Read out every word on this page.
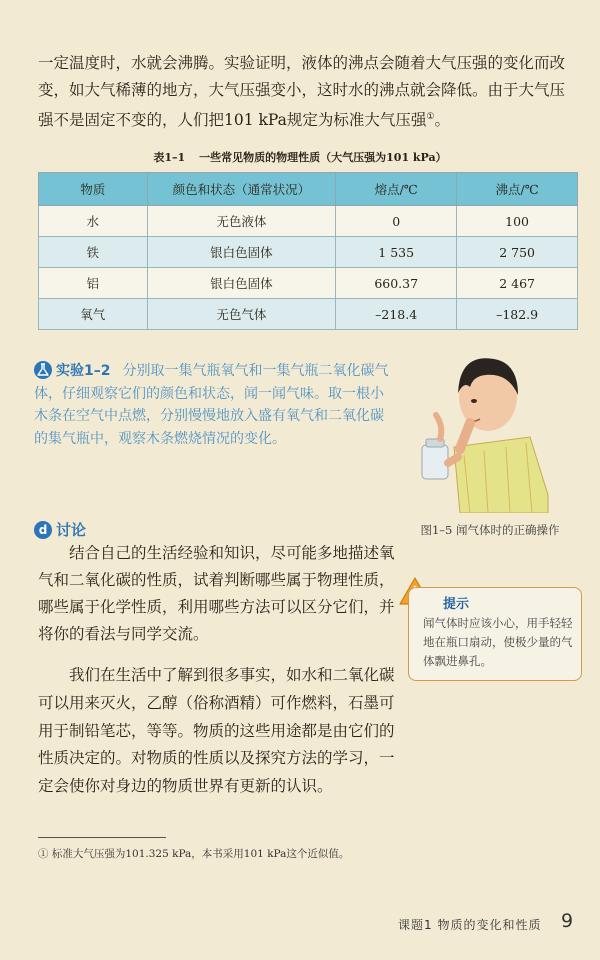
一定温度时，水就会沸腾。实验证明，液体的沸点会随着大气压强的变化而改变，如大气稀薄的地方，大气压强变小，这时水的沸点就会降低。由于大气压强不是固定不变的，人们把101 kPa规定为标准大气压强①。

表1–1 一些常见物质的物理性质（大气压强为101 kPa）
物质	颜色和状态（通常状况）	熔点/℃	沸点/℃
水	无色液体	0	100
铁	银白色固体	1 535	2 750
铝	银白色固体	660.37	2 467
氧气	无色气体	–218.4	–182.9

实验1–2 分别取一集气瓶氧气和一集气瓶二氧化碳气体，仔细观察它们的颜色和状态，闻一闻气味。取一根小木条在空气中点燃，分别慢慢地放入盛有氧气和二氧化碳的集气瓶中，观察木条燃烧情况的变化。

图1–5 闻气体时的正确操作
d 讨论

结合自己的生活经验和知识，尽可能多地描述氧气和二氧化碳的性质，试着判断哪些属于物理性质，哪些属于化学性质，利用哪些方法可以区分它们，并将你的看法与同学交流。

提示

闻气体时应该小心，用手轻轻地在瓶口扇动，使极少量的气体飘进鼻孔。

我们在生活中了解到很多事实，如水和二氧化碳可以用来灭火，乙醇（俗称酒精）可作燃料，石墨可用于制铅笔芯，等等。物质的这些用途都是由它们的性质决定的。对物质的性质以及探究方法的学习，一定会使你对身边的物质世界有更新的认识。

① 标准大气压强为101.325 kPa，本书采用101 kPa这个近似值。
课题1 物质的变化和性质 9
